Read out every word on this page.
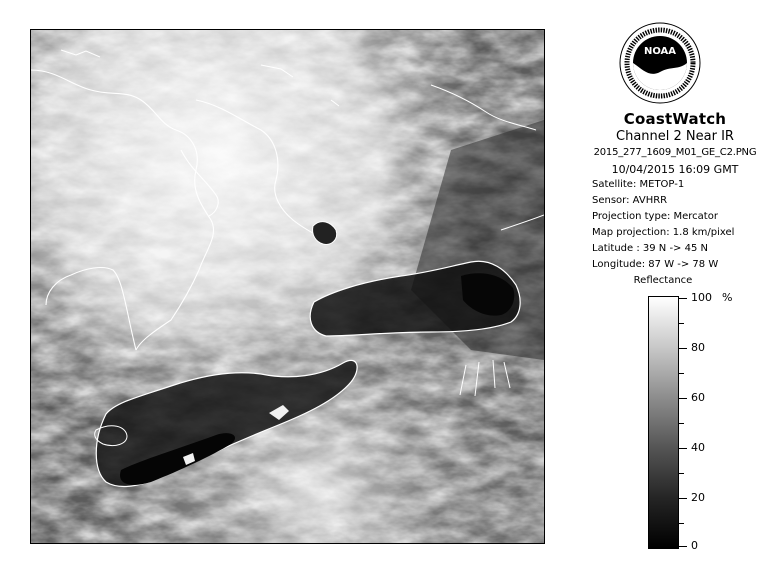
NOAA
CoastWatch
Channel 2 Near IR
2015_277_1609_M01_GE_C2.PNG
10/04/2015 16:09 GMT
Satellite: METOP-1
Sensor: AVHRR
Projection type: Mercator
Map projection: 1.8 km/pixel
Latitude : 39 N -> 45 N
Longitude: 87 W -> 78 W
Reflectance
%
100
80
60
40
20
0
